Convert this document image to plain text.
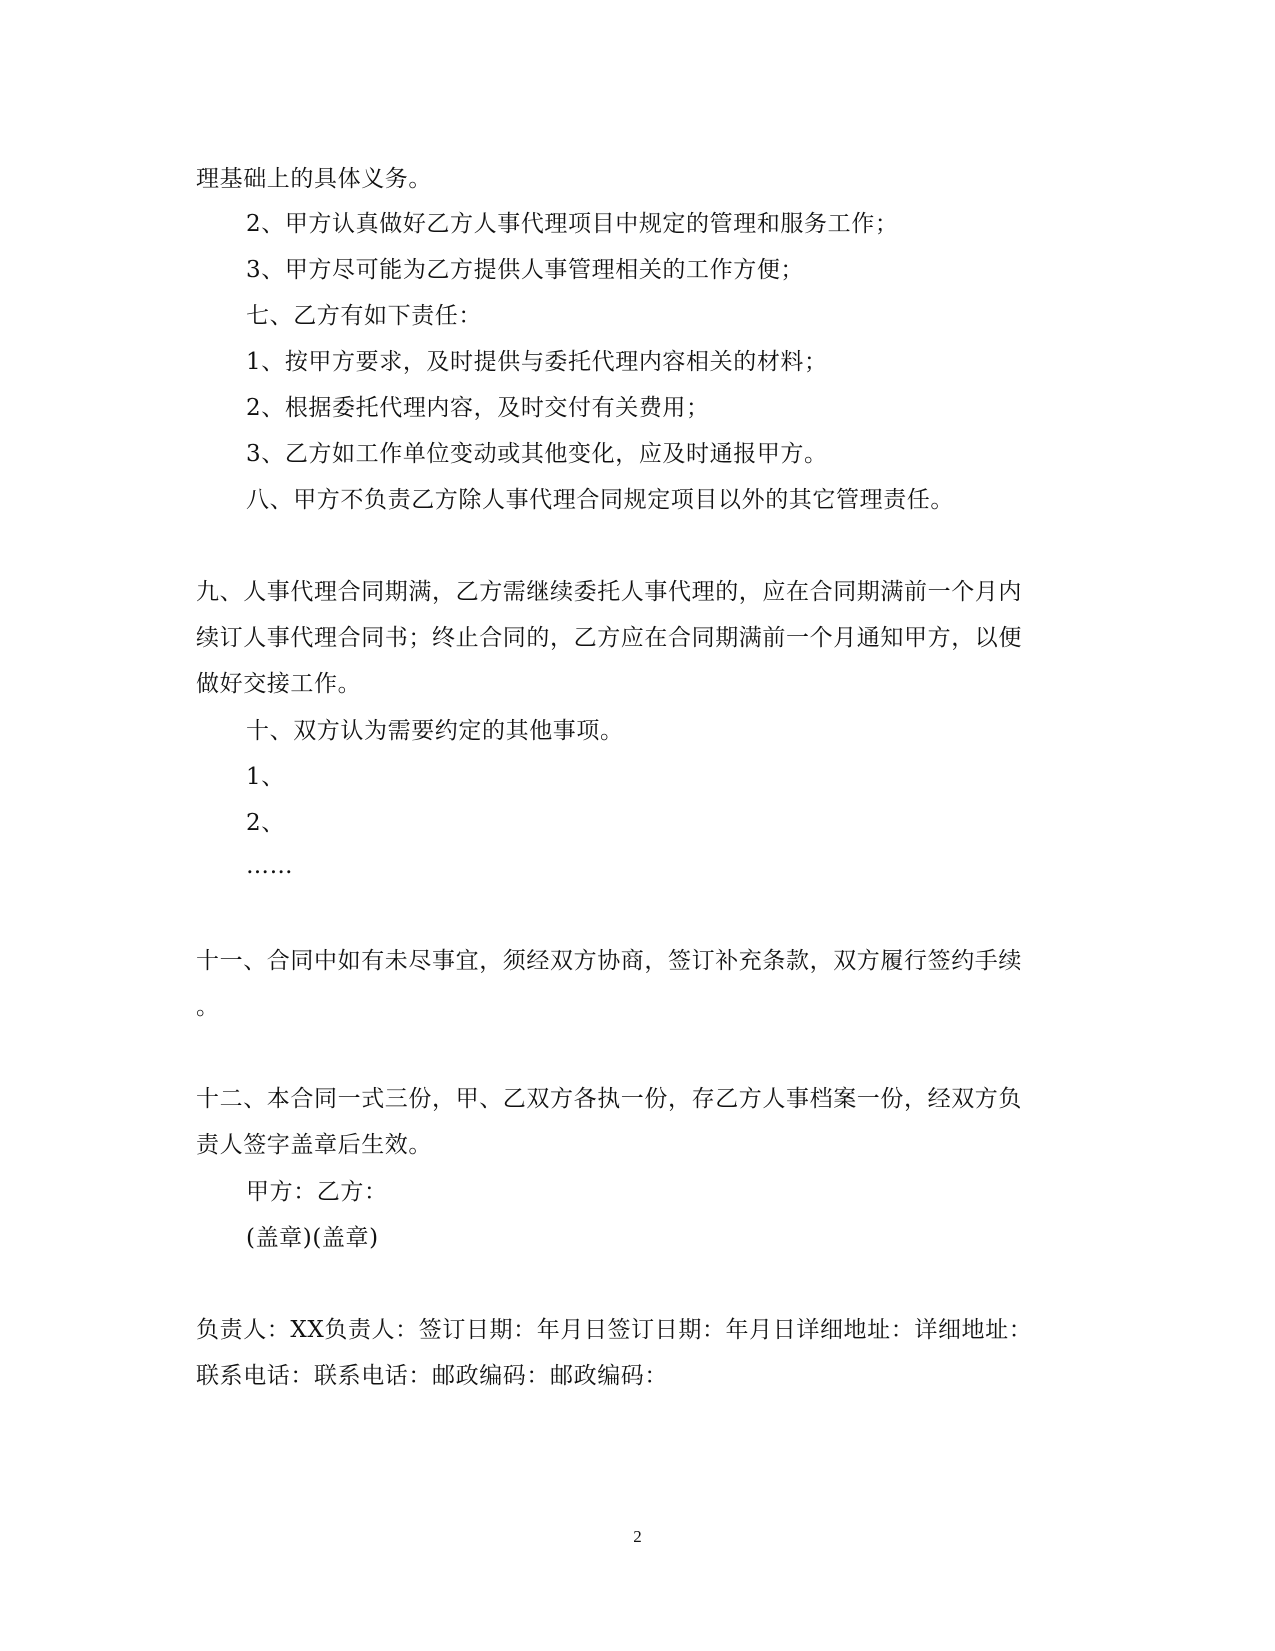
理基础上的具体义务。
2、甲方认真做好乙方人事代理项目中规定的管理和服务工作；
3、甲方尽可能为乙方提供人事管理相关的工作方便；
七、乙方有如下责任：
1、按甲方要求，及时提供与委托代理内容相关的材料；
2、根据委托代理内容，及时交付有关费用；
3、乙方如工作单位变动或其他变化，应及时通报甲方。
八、甲方不负责乙方除人事代理合同规定项目以外的其它管理责任。
九、人事代理合同期满，乙方需继续委托人事代理的，应在合同期满前一个月内
续订人事代理合同书；终止合同的，乙方应在合同期满前一个月通知甲方，以便
做好交接工作。
十、双方认为需要约定的其他事项。
1、
2、
……
十一、合同中如有未尽事宜，须经双方协商，签订补充条款，双方履行签约手续
。
十二、本合同一式三份，甲、乙双方各执一份，存乙方人事档案一份，经双方负
责人签字盖章后生效。
甲方：乙方：
(盖章)(盖章)
负责人：XX负责人：签订日期：年月日签订日期：年月日详细地址：详细地址：
联系电话：联系电话：邮政编码：邮政编码：
2
